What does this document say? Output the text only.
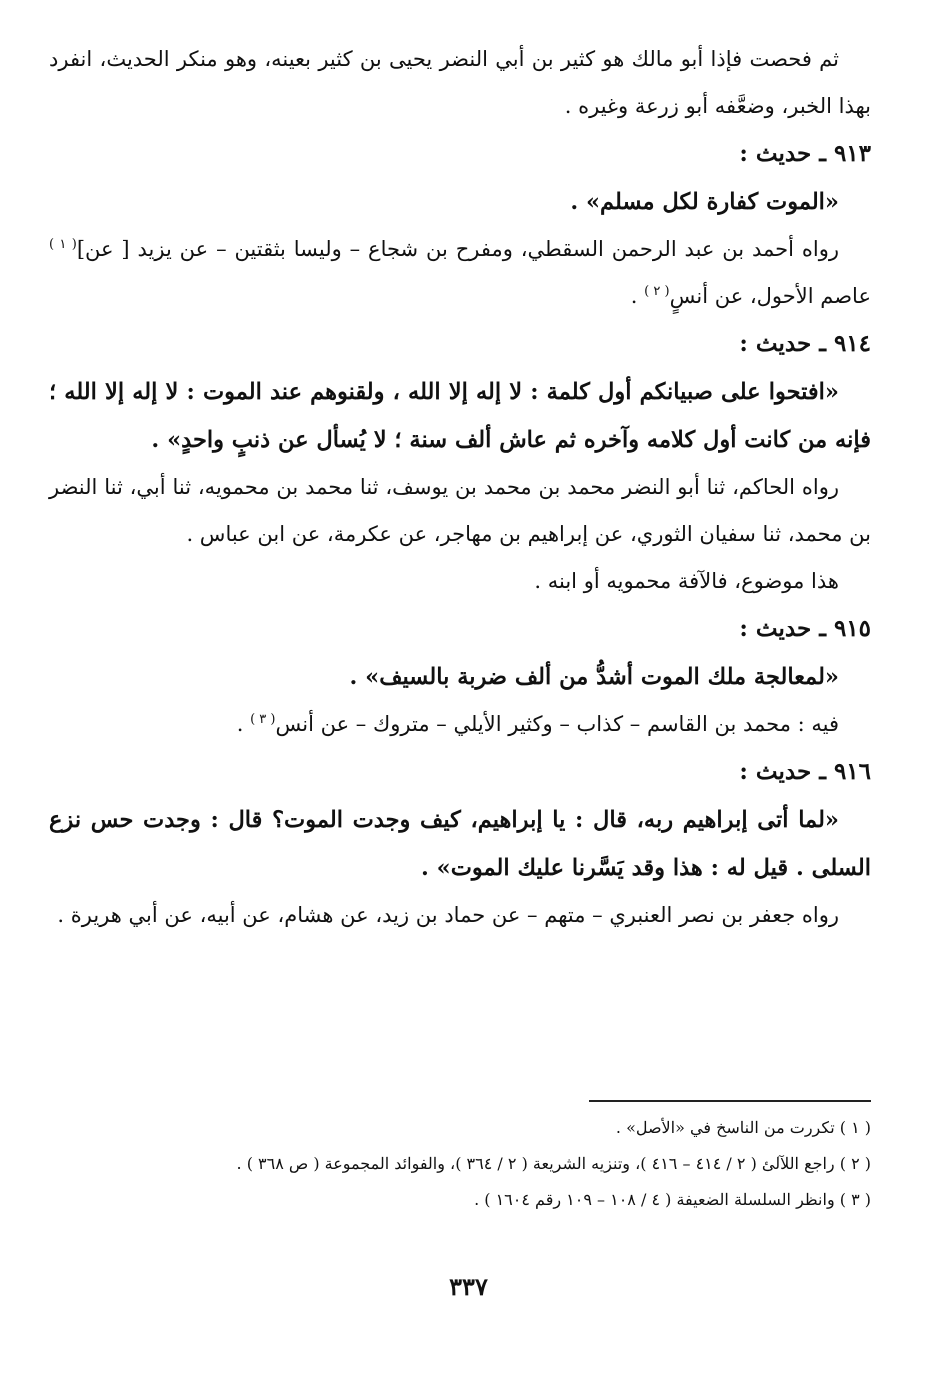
ثم فحصت فإذا أبو مالك هو كثير بن أبي النضر يحيى بن كثير بعينه، وهو منكر الحديث، انفرد بهذا الخبر، وضعَّفه أبو زرعة وغيره .

٩١٣ ـ حديث :

«الموت كفارة لكل مسلم» .

رواه أحمد بن عبد الرحمن السقطي، ومفرح بن شجاع – وليسا بثقتين – عن يزيد [ عن]$^{( ١ )}$ عاصم الأحول، عن أنسٍ$^{( ٢ )}$ .

٩١٤ ـ حديث :

«افتحوا على صبيانكم أول كلمة : لا إله إلا الله ، ولقنوهم عند الموت : لا إله إلا الله ؛ فإنه من كانت أول كلامه وآخره ثم عاش ألف سنة ؛ لا يُسأل عن ذنبٍ واحدٍ» .

رواه الحاكم، ثنا أبو النضر محمد بن محمد بن يوسف، ثنا محمد بن محمويه، ثنا أبي، ثنا النضر بن محمد، ثنا سفيان الثوري، عن إبراهيم بن مهاجر، عن عكرمة، عن ابن عباس .

هذا موضوع، فالآفة محمويه أو ابنه .

٩١٥ ـ حديث :

«لمعالجة ملك الموت أشدُّ من ألف ضربة بالسيف» .

فيه : محمد بن القاسم – كذاب – وكثير الأيلي – متروك – عن أنس$^{( ٣ )}$ .

٩١٦ ـ حديث :

«لما أتى إبراهيم ربه، قال : يا إبراهيم، كيف وجدت الموت؟ قال : وجدت حس نزع السلى . قيل له : هذا وقد يَسَّرنا عليك الموت» .

رواه جعفر بن نصر العنبري – متهم – عن حماد بن زيد، عن هشام، عن أبيه، عن أبي هريرة .

( ١ ) تكررت من الناسخ في «الأصل» .

( ٢ ) راجع اللآلئ ( ٢ / ٤١٤ – ٤١٦ )، وتنزيه الشريعة ( ٢ / ٣٦٤ )، والفوائد المجموعة ( ص ٣٦٨ ) .

( ٣ ) وانظر السلسلة الضعيفة ( ٤ / ١٠٨ – ١٠٩ رقم ١٦٠٤ ) .

٣٣٧
